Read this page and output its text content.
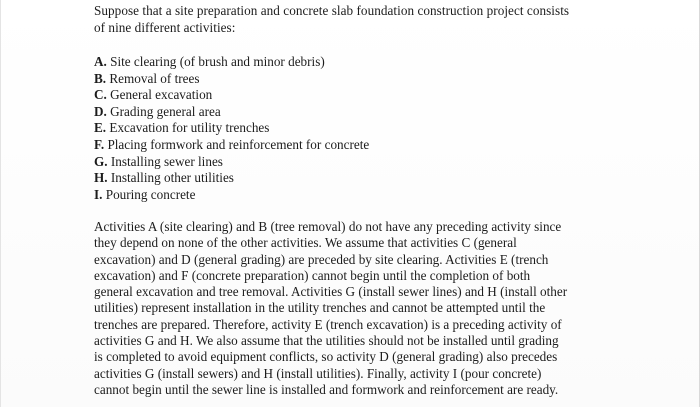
Suppose that a site preparation and concrete slab foundation construction project consists
of nine different activities:

A. Site clearing (of brush and minor debris)
B. Removal of trees
C. General excavation
D. Grading general area
E. Excavation for utility trenches
F. Placing formwork and reinforcement for concrete
G. Installing sewer lines
H. Installing other utilities
I. Pouring concrete

Activities A (site clearing) and B (tree removal) do not have any preceding activity since
they depend on none of the other activities. We assume that activities C (general
excavation) and D (general grading) are preceded by site clearing. Activities E (trench
excavation) and F (concrete preparation) cannot begin until the completion of both
general excavation and tree removal. Activities G (install sewer lines) and H (install other
utilities) represent installation in the utility trenches and cannot be attempted until the
trenches are prepared. Therefore, activity E (trench excavation) is a preceding activity of
activities G and H. We also assume that the utilities should not be installed until grading
is completed to avoid equipment conflicts, so activity D (general grading) also precedes
activities G (install sewers) and H (install utilities). Finally, activity I (pour concrete)
cannot begin until the sewer line is installed and formwork and reinforcement are ready.
